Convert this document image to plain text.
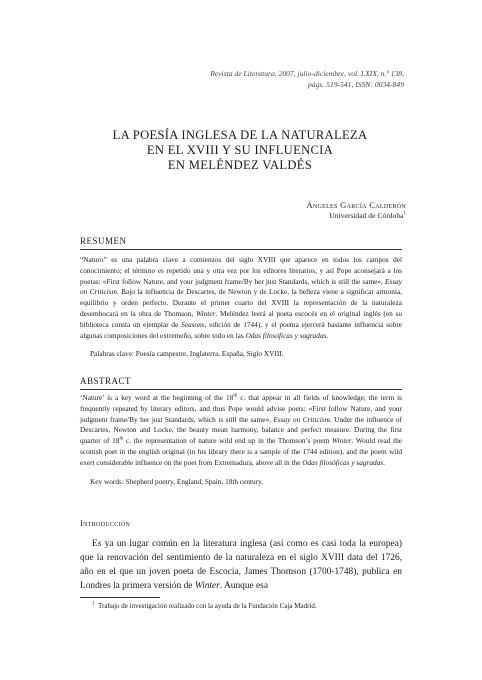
Revista de Literatura, 2007, julio-diciembre, vol. LXIX, n.º 138,
págs. 519-541, ISSN: 0034-849
LA POESÍA INGLESA DE LA NATURALEZA
EN EL XVIII Y SU INFLUENCIA
EN MELÉNDEZ VALDÉS
Ángeles García Calderón
Universidad de Córdoba$^1$
RESUMEN
“Naturo” es una palabra clave a comienzos del siglo XVIII que aparece en todos los campos del conocimiento; el término es repetido una y otra vez por los editores literarios, y así Pope aconsejará a los poetas: «First follow Nature, and your judgment frame/By her just Standards, which is still the same», Essay on Criticism. Bajo la influencia de Descartes, de Newton y de Locke, la belleza viene a significar armonía, equilibrio y orden perfecto. Durante el primer cuarto del XVIII la representación de la naturaleza desembocará en la obra de Thomson, Winter. Meléndez leerá al poeta escocés en el original inglés (en su biblioteca consta un ejemplar de Seasons, edición de 1744), y el poema ejercerá bastante influencia sobre algunas composiciones del extremeño, sobre todo en las Odas filosóficas y sagradas.
Palabras clave: Poesía campestre, Inglaterra, España, Siglo XVIII.
ABSTRACT
‘Nature’ is a key word at the beginning of the 18th c. that appear in all fields of knowledge; the term is frequently repeated by literary editors, and thus Pope would advise poets: «First follow Nature, and your judgment frame/By her just Standards, which is still the same», Essay on Criticism. Under the influence of Descartes, Newton and Locke, the beauty mean harmony, balance and perfect measure. During the first quarter of 18th c. the representation of nature wild end up in the Thomson’s poem Winter. Would read the scottish poet in the english original (in his library there is a sample of the 1744 edition), and the poem wild exert considerable influence on the poet from Extremadura, above all in the Odas filosóficas y sagradas.
Key words: Shepherd poetry, England, Spain, 18th century.
Introducción
Es ya un lugar común en la literatura inglesa (así como es casi toda la europea) que la renovación del sentimiento de la naturaleza en el siglo XVIII data del 1726, año en el que un joven poeta de Escocia, James Thomson (1700-1748), publica en Londres la primera versión de Winter. Aunque esa
$^1$ Trabajo de investigación realizado con la ayuda de la Fundación Caja Madrid.
